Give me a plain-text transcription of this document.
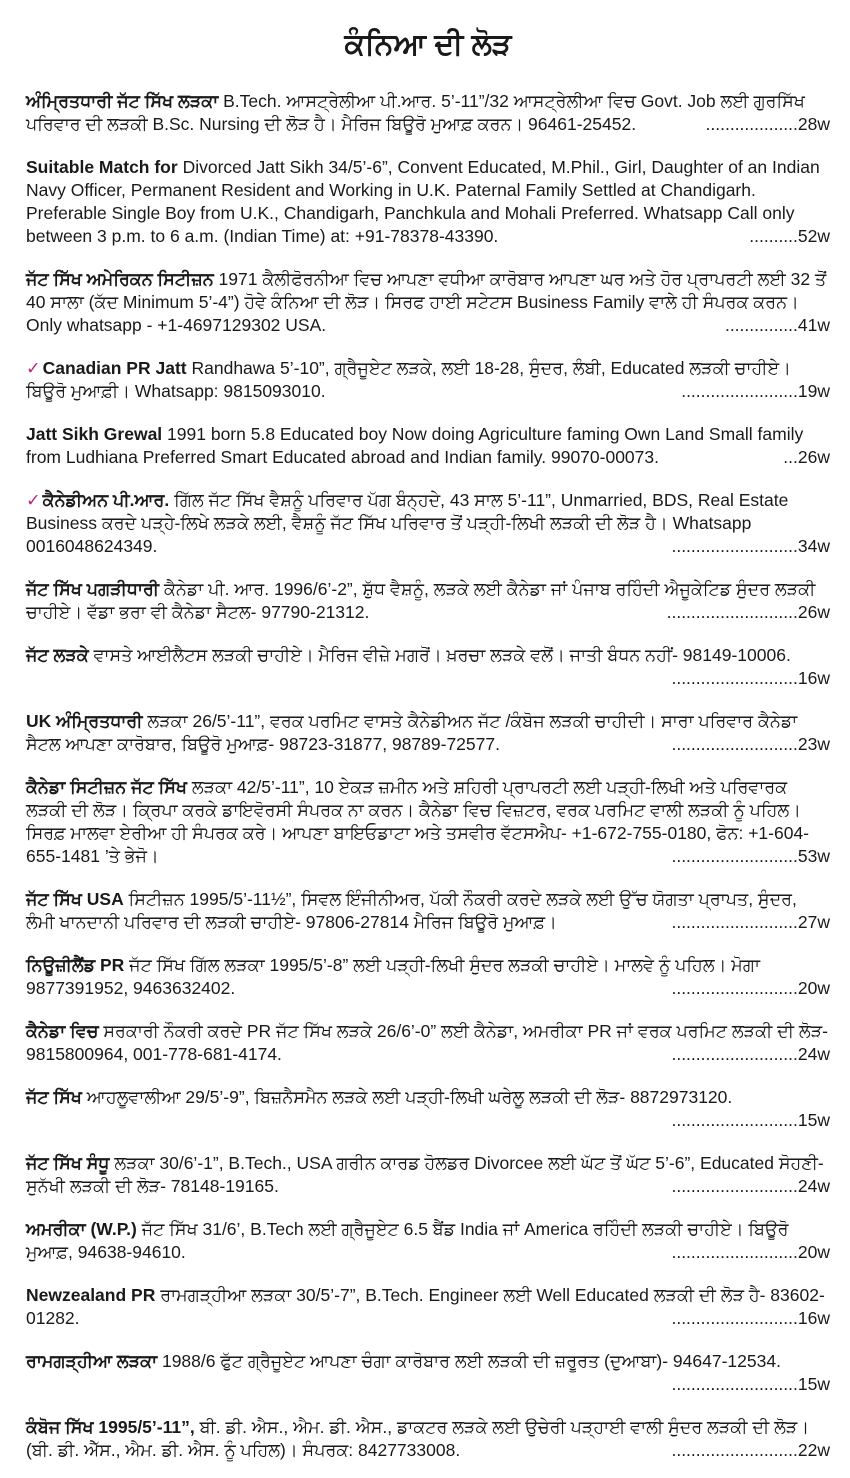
ਕੰਨਿਆ ਦੀ ਲੋੜ
ਅੰਮ੍ਰਿਤਧਾਰੀ ਜੱਟ ਸਿੱਖ ਲੜਕਾ B.Tech. ਆਸਟ੍ਰੇਲੀਆ ਪੀ.ਆਰ. 5’-11”/32 ਆਸਟ੍ਰੇਲੀਆ ਵਿਚ Govt. Job ਲਈ ਗੁਰਸਿੱਖ ਪਰਿਵਾਰ ਦੀ ਲੜਕੀ B.Sc. Nursing ਦੀ ਲੋੜ ਹੈ। ਮੈਰਿਜ ਬਿਊਰੋ ਮੁਆਫ਼ ਕਰਨ। 96461-25452.	...................28w
Suitable Match for Divorced Jatt Sikh 34/5’-6”, Convent Educated, M.Phil., Girl, Daughter of an Indian Navy Officer, Permanent Resident and Working in U.K. Paternal Family Settled at Chandigarh. Preferable Single Boy from U.K., Chandigarh, Panchkula and Mohali Preferred. Whatsapp Call only between 3 p.m. to 6 a.m. (Indian Time) at: +91-78378-43390.	..........52w
ਜੱਟ ਸਿੱਖ ਅਮੇਰਿਕਨ ਸਿਟੀਜ਼ਨ 1971 ਕੈਲੀਫੋਰਨੀਆ ਵਿਚ ਆਪਣਾ ਵਧੀਆ ਕਾਰੋਬਾਰ ਆਪਣਾ ਘਰ ਅਤੇ ਹੋਰ ਪ੍ਰਾਪਰਟੀ ਲਈ 32 ਤੋਂ 40 ਸਾਲਾ (ਕੱਦ Minimum 5’-4”) ਹੋਵੇ ਕੰਨਿਆ ਦੀ ਲੋੜ। ਸਿਰਫ ਹਾਈ ਸਟੇਟਸ Business Family ਵਾਲੇ ਹੀ ਸੰਪਰਕ ਕਰਨ। Only whatsapp - +1-4697129302 USA.	...............41w
✓ Canadian PR Jatt Randhawa 5’-10”, ਗ੍ਰੈਜੂਏਟ ਲੜਕੇ, ਲਈ 18-28, ਸੁੰਦਰ, ਲੰਬੀ, Educated ਲੜਕੀ ਚਾਹੀਏ। ਬਿਊਰੋ ਮੁਆਫ਼ੀ। Whatsapp: 9815093010.	........................19w
Jatt Sikh Grewal 1991 born 5.8 Educated boy Now doing Agriculture faming Own Land Small family from Ludhiana Preferred Smart Educated abroad and Indian family. 99070-00073.	...26w
✓ ਕੈਨੇਡੀਅਨ ਪੀ.ਆਰ. ਗਿੱਲ ਜੱਟ ਸਿੱਖ ਵੈਸ਼ਨੂੰ ਪਰਿਵਾਰ ਪੱਗ ਬੰਨ੍ਹਦੇ, 43 ਸਾਲ 5’-11”, Unmarried, BDS, Real Estate Business ਕਰਦੇ ਪੜ੍ਹੇ-ਲਿਖੇ ਲੜਕੇ ਲਈ, ਵੈਸ਼ਨੂੰ ਜੱਟ ਸਿੱਖ ਪਰਿਵਾਰ ਤੋਂ ਪੜ੍ਹੀ-ਲਿਖੀ ਲੜਕੀ ਦੀ ਲੋੜ ਹੈ। Whatsapp 0016048624349.	..........................34w
ਜੱਟ ਸਿੱਖ ਪਗੜੀਧਾਰੀ ਕੈਨੇਡਾ ਪੀ. ਆਰ. 1996/6’-2”, ਸ਼ੁੱਧ ਵੈਸ਼ਨੂੰ, ਲੜਕੇ ਲਈ ਕੈਨੇਡਾ ਜਾਂ ਪੰਜਾਬ ਰਹਿੰਦੀ ਐਜੂਕੇਟਿਡ ਸੁੰਦਰ ਲੜਕੀ ਚਾਹੀਏ। ਵੱਡਾ ਭਰਾ ਵੀ ਕੈਨੇਡਾ ਸੈਟਲ- 97790-21312.	...........................26w
ਜੱਟ ਲੜਕੇ ਵਾਸਤੇ ਆਈਲੈਟਸ ਲੜਕੀ ਚਾਹੀਏ। ਮੈਰਿਜ ਵੀਜ਼ੇ ਮਗਰੋਂ। ਖ਼ਰਚਾ ਲੜਕੇ ਵਲੋਂ। ਜਾਤੀ ਬੰਧਨ ਨਹੀਂ- 98149-10006.
..........................16w
UK ਅੰਮ੍ਰਿਤਧਾਰੀ ਲੜਕਾ 26/5’-11”, ਵਰਕ ਪਰਮਿਟ ਵਾਸਤੇ ਕੈਨੇਡੀਅਨ ਜੱਟ /ਕੰਬੋਜ ਲੜਕੀ ਚਾਹੀਦੀ। ਸਾਰਾ ਪਰਿਵਾਰ ਕੈਨੇਡਾ ਸੈਟਲ ਆਪਣਾ ਕਾਰੋਬਾਰ, ਬਿਊਰੋ ਮੁਆਫ਼- 98723-31877, 98789-72577.	..........................23w
ਕੈਨੇਡਾ ਸਿਟੀਜ਼ਨ ਜੱਟ ਸਿੱਖ ਲੜਕਾ 42/5’-11”, 10 ਏਕੜ ਜ਼ਮੀਨ ਅਤੇ ਸ਼ਹਿਰੀ ਪ੍ਰਾਪਰਟੀ ਲਈ ਪੜ੍ਹੀ-ਲਿਖੀ ਅਤੇ ਪਰਿਵਾਰਕ ਲੜਕੀ ਦੀ ਲੋੜ। ਕ੍ਰਿਪਾ ਕਰਕੇ ਡਾਇਵੋਰਸੀ ਸੰਪਰਕ ਨਾ ਕਰਨ। ਕੈਨੇਡਾ ਵਿਚ ਵਿਜ਼ਟਰ, ਵਰਕ ਪਰਮਿਟ ਵਾਲੀ ਲੜਕੀ ਨੂੰ ਪਹਿਲ। ਸਿਰਫ਼ ਮਾਲਵਾ ਏਰੀਆ ਹੀ ਸੰਪਰਕ ਕਰੇ। ਆਪਣਾ ਬਾਇਓਡਾਟਾ ਅਤੇ ਤਸਵੀਰ ਵੱਟਸਐਪ- +1-672-755-0180, ਫੋਨ: +1-604-655-1481 ’ਤੇ ਭੇਜੋ।	..........................53w
ਜੱਟ ਸਿੱਖ USA ਸਿਟੀਜ਼ਨ 1995/5’-11½”, ਸਿਵਲ ਇੰਜੀਨੀਅਰ, ਪੱਕੀ ਨੌਕਰੀ ਕਰਦੇ ਲੜਕੇ ਲਈ ਉੱਚ ਯੋਗਤਾ ਪ੍ਰਾਪਤ, ਸੁੰਦਰ, ਲੰਮੀ ਖਾਨਦਾਨੀ ਪਰਿਵਾਰ ਦੀ ਲੜਕੀ ਚਾਹੀਏ- 97806-27814 ਮੈਰਿਜ ਬਿਊਰੋ ਮੁਆਫ਼।	..........................27w
ਨਿਊਜ਼ੀਲੈਂਡ PR ਜੱਟ ਸਿੱਖ ਗਿੱਲ ਲੜਕਾ 1995/5’-8” ਲਈ ਪੜ੍ਹੀ-ਲਿਖੀ ਸੁੰਦਰ ਲੜਕੀ ਚਾਹੀਏ। ਮਾਲਵੇ ਨੂੰ ਪਹਿਲ। ਮੋਗਾ 9877391952, 9463632402.	..........................20w
ਕੈਨੇਡਾ ਵਿਚ ਸਰਕਾਰੀ ਨੌਕਰੀ ਕਰਦੇ PR ਜੱਟ ਸਿੱਖ ਲੜਕੇ 26/6’-0” ਲਈ ਕੈਨੇਡਾ, ਅਮਰੀਕਾ PR ਜਾਂ ਵਰਕ ਪਰਮਿਟ ਲੜਕੀ ਦੀ ਲੋੜ- 9815800964, 001-778-681-4174.	..........................24w
ਜੱਟ ਸਿੱਖ ਆਹਲੂਵਾਲੀਆ 29/5’-9”, ਬਿਜ਼ਨੈਸਮੈਨ ਲੜਕੇ ਲਈ ਪੜ੍ਹੀ-ਲਿਖੀ ਘਰੇਲੂ ਲੜਕੀ ਦੀ ਲੋੜ- 8872973120.
..........................15w
ਜੱਟ ਸਿੱਖ ਸੰਧੂ ਲੜਕਾ 30/6’-1”, B.Tech., USA ਗਰੀਨ ਕਾਰਡ ਹੋਲਡਰ Divorcee ਲਈ ਘੱਟ ਤੋਂ ਘੱਟ 5’-6”, Educated ਸੋਹਣੀ-ਸੁਨੱਖੀ ਲੜਕੀ ਦੀ ਲੋੜ- 78148-19165.	..........................24w
ਅਮਰੀਕਾ (W.P.) ਜੱਟ ਸਿੱਖ 31/6’, B.Tech ਲਈ ਗ੍ਰੈਜੂਏਟ 6.5 ਬੈਂਡ India ਜਾਂ America ਰਹਿੰਦੀ ਲੜਕੀ ਚਾਹੀਏ। ਬਿਊਰੋ ਮੁਆਫ਼, 94638-94610.	..........................20w
Newzealand PR ਰਾਮਗੜ੍ਹੀਆ ਲੜਕਾ 30/5’-7”, B.Tech. Engineer ਲਈ Well Educated ਲੜਕੀ ਦੀ ਲੋੜ ਹੈ- 83602-01282.	..........................16w
ਰਾਮਗੜ੍ਹੀਆ ਲੜਕਾ 1988/6 ਫੁੱਟ ਗ੍ਰੈਜੂਏਟ ਆਪਣਾ ਚੰਗਾ ਕਾਰੋਬਾਰ ਲਈ ਲੜਕੀ ਦੀ ਜ਼ਰੂਰਤ (ਦੁਆਬਾ)- 94647-12534.
..........................15w
ਕੰਬੋਜ ਸਿੱਖ 1995/5’-11”, ਬੀ. ਡੀ. ਐਸ., ਐਮ. ਡੀ. ਐਸ., ਡਾਕਟਰ ਲੜਕੇ ਲਈ ਉਚੇਰੀ ਪੜ੍ਹਾਈ ਵਾਲੀ ਸੁੰਦਰ ਲੜਕੀ ਦੀ ਲੋੜ। (ਬੀ. ਡੀ. ਐੱਸ., ਐਮ. ਡੀ. ਐਸ. ਨੂੰ ਪਹਿਲ)। ਸੰਪਰਕ: 8427733008.	..........................22w
